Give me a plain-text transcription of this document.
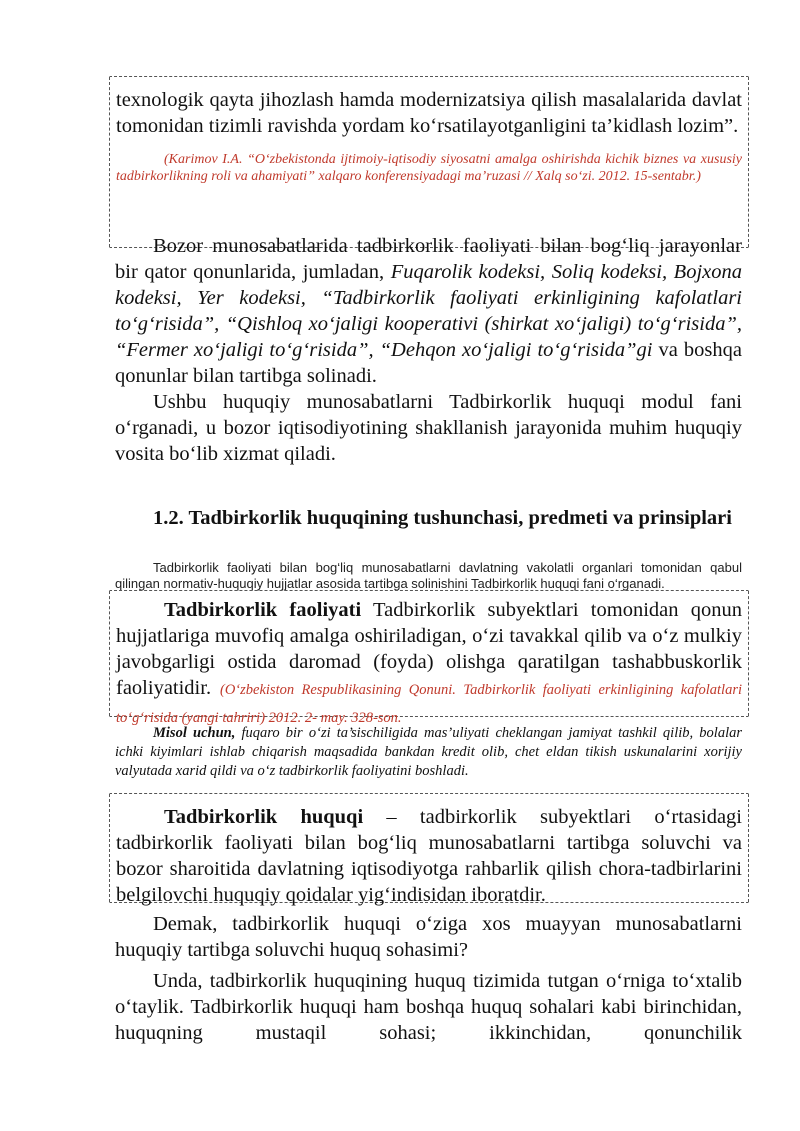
texnologik qayta jihozlash hamda modernizatsiya qilish masalalarida davlat tomonidan tizimli ravishda yordam ko‘rsatilayotganligini ta’kidlash lozim”.

(Karimov I.A. “O‘zbekistonda ijtimoiy-iqtisodiy siyosatni amalga oshirishda kichik biznes va xususiy tadbirkorlikning roli va ahamiyati” xalqaro konferensiyadagi ma’ruzasi // Xalq so‘zi. 2012. 15-sentabr.)

Bozor munosabatlarida tadbirkorlik faoliyati bilan bog‘liq jarayonlar bir qator qonunlarida, jumladan, Fuqarolik kodeksi, Soliq kodeksi, Bojxona kodeksi, Yer kodeksi, “Tadbirkorlik faoliyati erkinligining kafolatlari to‘g‘risida”, “Qishloq xo‘jaligi kooperativi (shirkat xo‘jaligi) to‘g‘risida”, “Fermer xo‘jaligi to‘g‘risida”, “Dehqon xo‘jaligi to‘g‘risida”gi va boshqa qonunlar bilan tartibga solinadi.

Ushbu huquqiy munosabatlarni Tadbirkorlik huquqi modul fani o‘rganadi, u bozor iqtisodiyotining shakllanish jarayonida muhim huquqiy vosita bo‘lib xizmat qiladi.

1.2. Tadbirkorlik huquqining tushunchasi, predmeti va prinsiplari

Tadbirkorlik faoliyati bilan bog‘liq munosabatlarni davlatning vakolatli organlari tomonidan qabul qilingan normativ-huquqiy hujjatlar asosida tartibga solinishini Tadbirkorlik huquqi fani o‘rganadi.

Tadbirkorlik faoliyati Tadbirkorlik subyektlari tomonidan qonun hujjatlariga muvofiq amalga oshiriladigan, o‘zi tavakkal qilib va o‘z mulkiy javobgarligi ostida daromad (foyda) olishga qaratilgan tashabbuskorlik faoliyatidir. (O‘zbekiston Respublikasining Qonuni. Tadbirkorlik faoliyati erkinligining kafolatlari to‘g‘risida (yangi tahriri) 2012. 2- may. 328-son.

Misol uchun, fuqaro bir o‘zi ta’sischiligida mas’uliyati cheklangan jamiyat tashkil qilib, bolalar ichki kiyimlari ishlab chiqarish maqsadida bankdan kredit olib, chet eldan tikish uskunalarini xorijiy valyutada xarid qildi va o‘z tadbirkorlik faoliyatini boshladi.

Tadbirkorlik huquqi – tadbirkorlik subyektlari o‘rtasidagi tadbirkorlik faoliyati bilan bog‘liq munosabatlarni tartibga soluvchi va bozor sharoitida davlatning iqtisodiyotga rahbarlik qilish chora-tadbirlarini belgilovchi huquqiy qoidalar yig‘indisidan iboratdir.

Demak, tadbirkorlik huquqi o‘ziga xos muayyan munosabatlarni huquqiy tartibga soluvchi huquq sohasimi?

Unda, tadbirkorlik huquqining huquq tizimida tutgan o‘rniga to‘xtalib o‘taylik. Tadbirkorlik huquqi ham boshqa huquq sohalari kabi birinchidan, huquqning mustaqil sohasi; ikkinchidan, qonunchilik
